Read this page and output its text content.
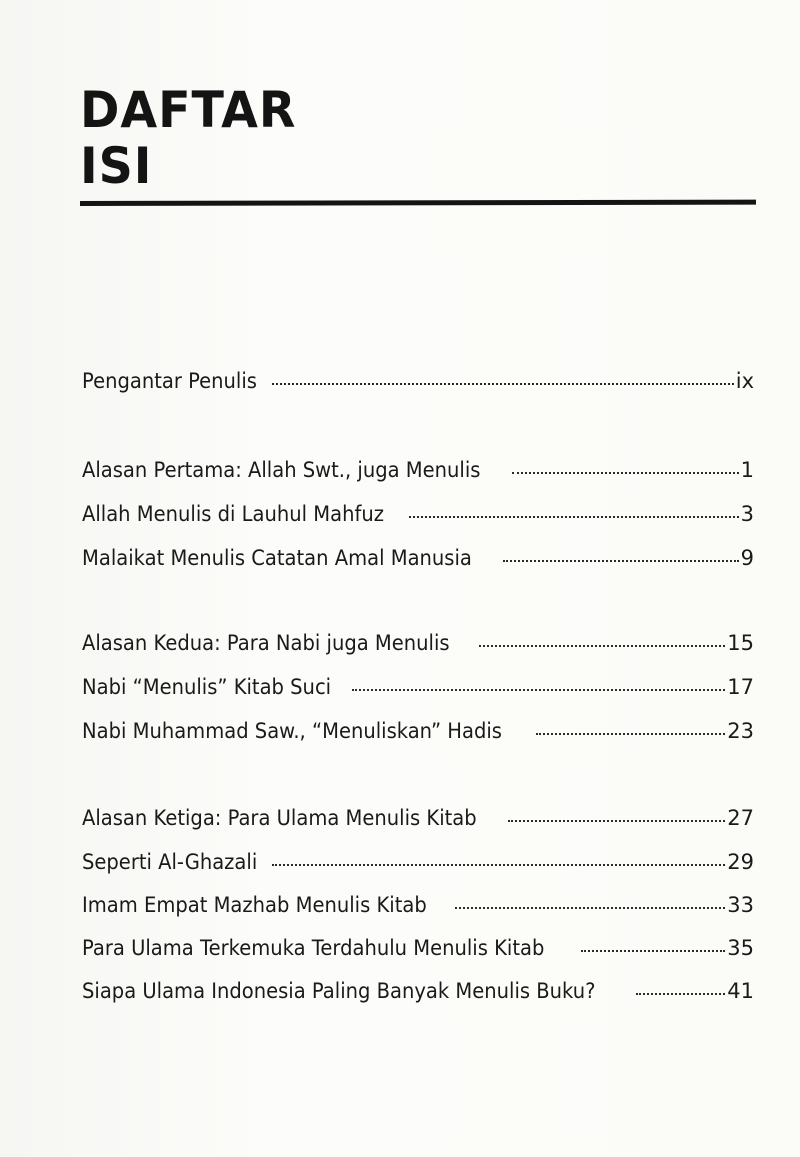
DAFTAR
ISI
Pengantar Penulis	ix
Alasan Pertama: Allah Swt., juga Menulis	1
Allah Menulis di Lauhul Mahfuz	3
Malaikat Menulis Catatan Amal Manusia	9
Alasan Kedua: Para Nabi juga Menulis	15
Nabi “Menulis” Kitab Suci	17
Nabi Muhammad Saw., “Menuliskan” Hadis	23
Alasan Ketiga: Para Ulama Menulis Kitab	27
Seperti Al-Ghazali	29
Imam Empat Mazhab Menulis Kitab	33
Para Ulama Terkemuka Terdahulu Menulis Kitab	35
Siapa Ulama Indonesia Paling Banyak Menulis Buku?	41
